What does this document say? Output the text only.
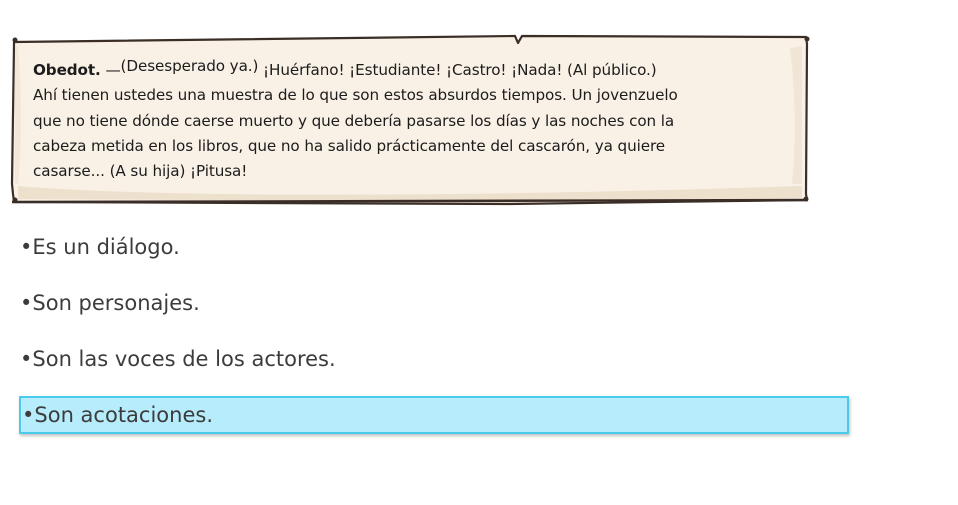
Obedot. —(Desesperado ya.) ¡Huérfano! ¡Estudiante! ¡Castro! ¡Nada! (Al público.)
Ahí tienen ustedes una muestra de lo que son estos absurdos tiempos. Un jovenzuelo
que no tiene dónde caerse muerto y que debería pasarse los días y las noches con la
cabeza metida en los libros, que no ha salido prácticamente del cascarón, ya quiere
casarse... (A su hija) ¡Pitusa!
•Es un diálogo.
•Son personajes.
•Son las voces de los actores.
•Son acotaciones.
